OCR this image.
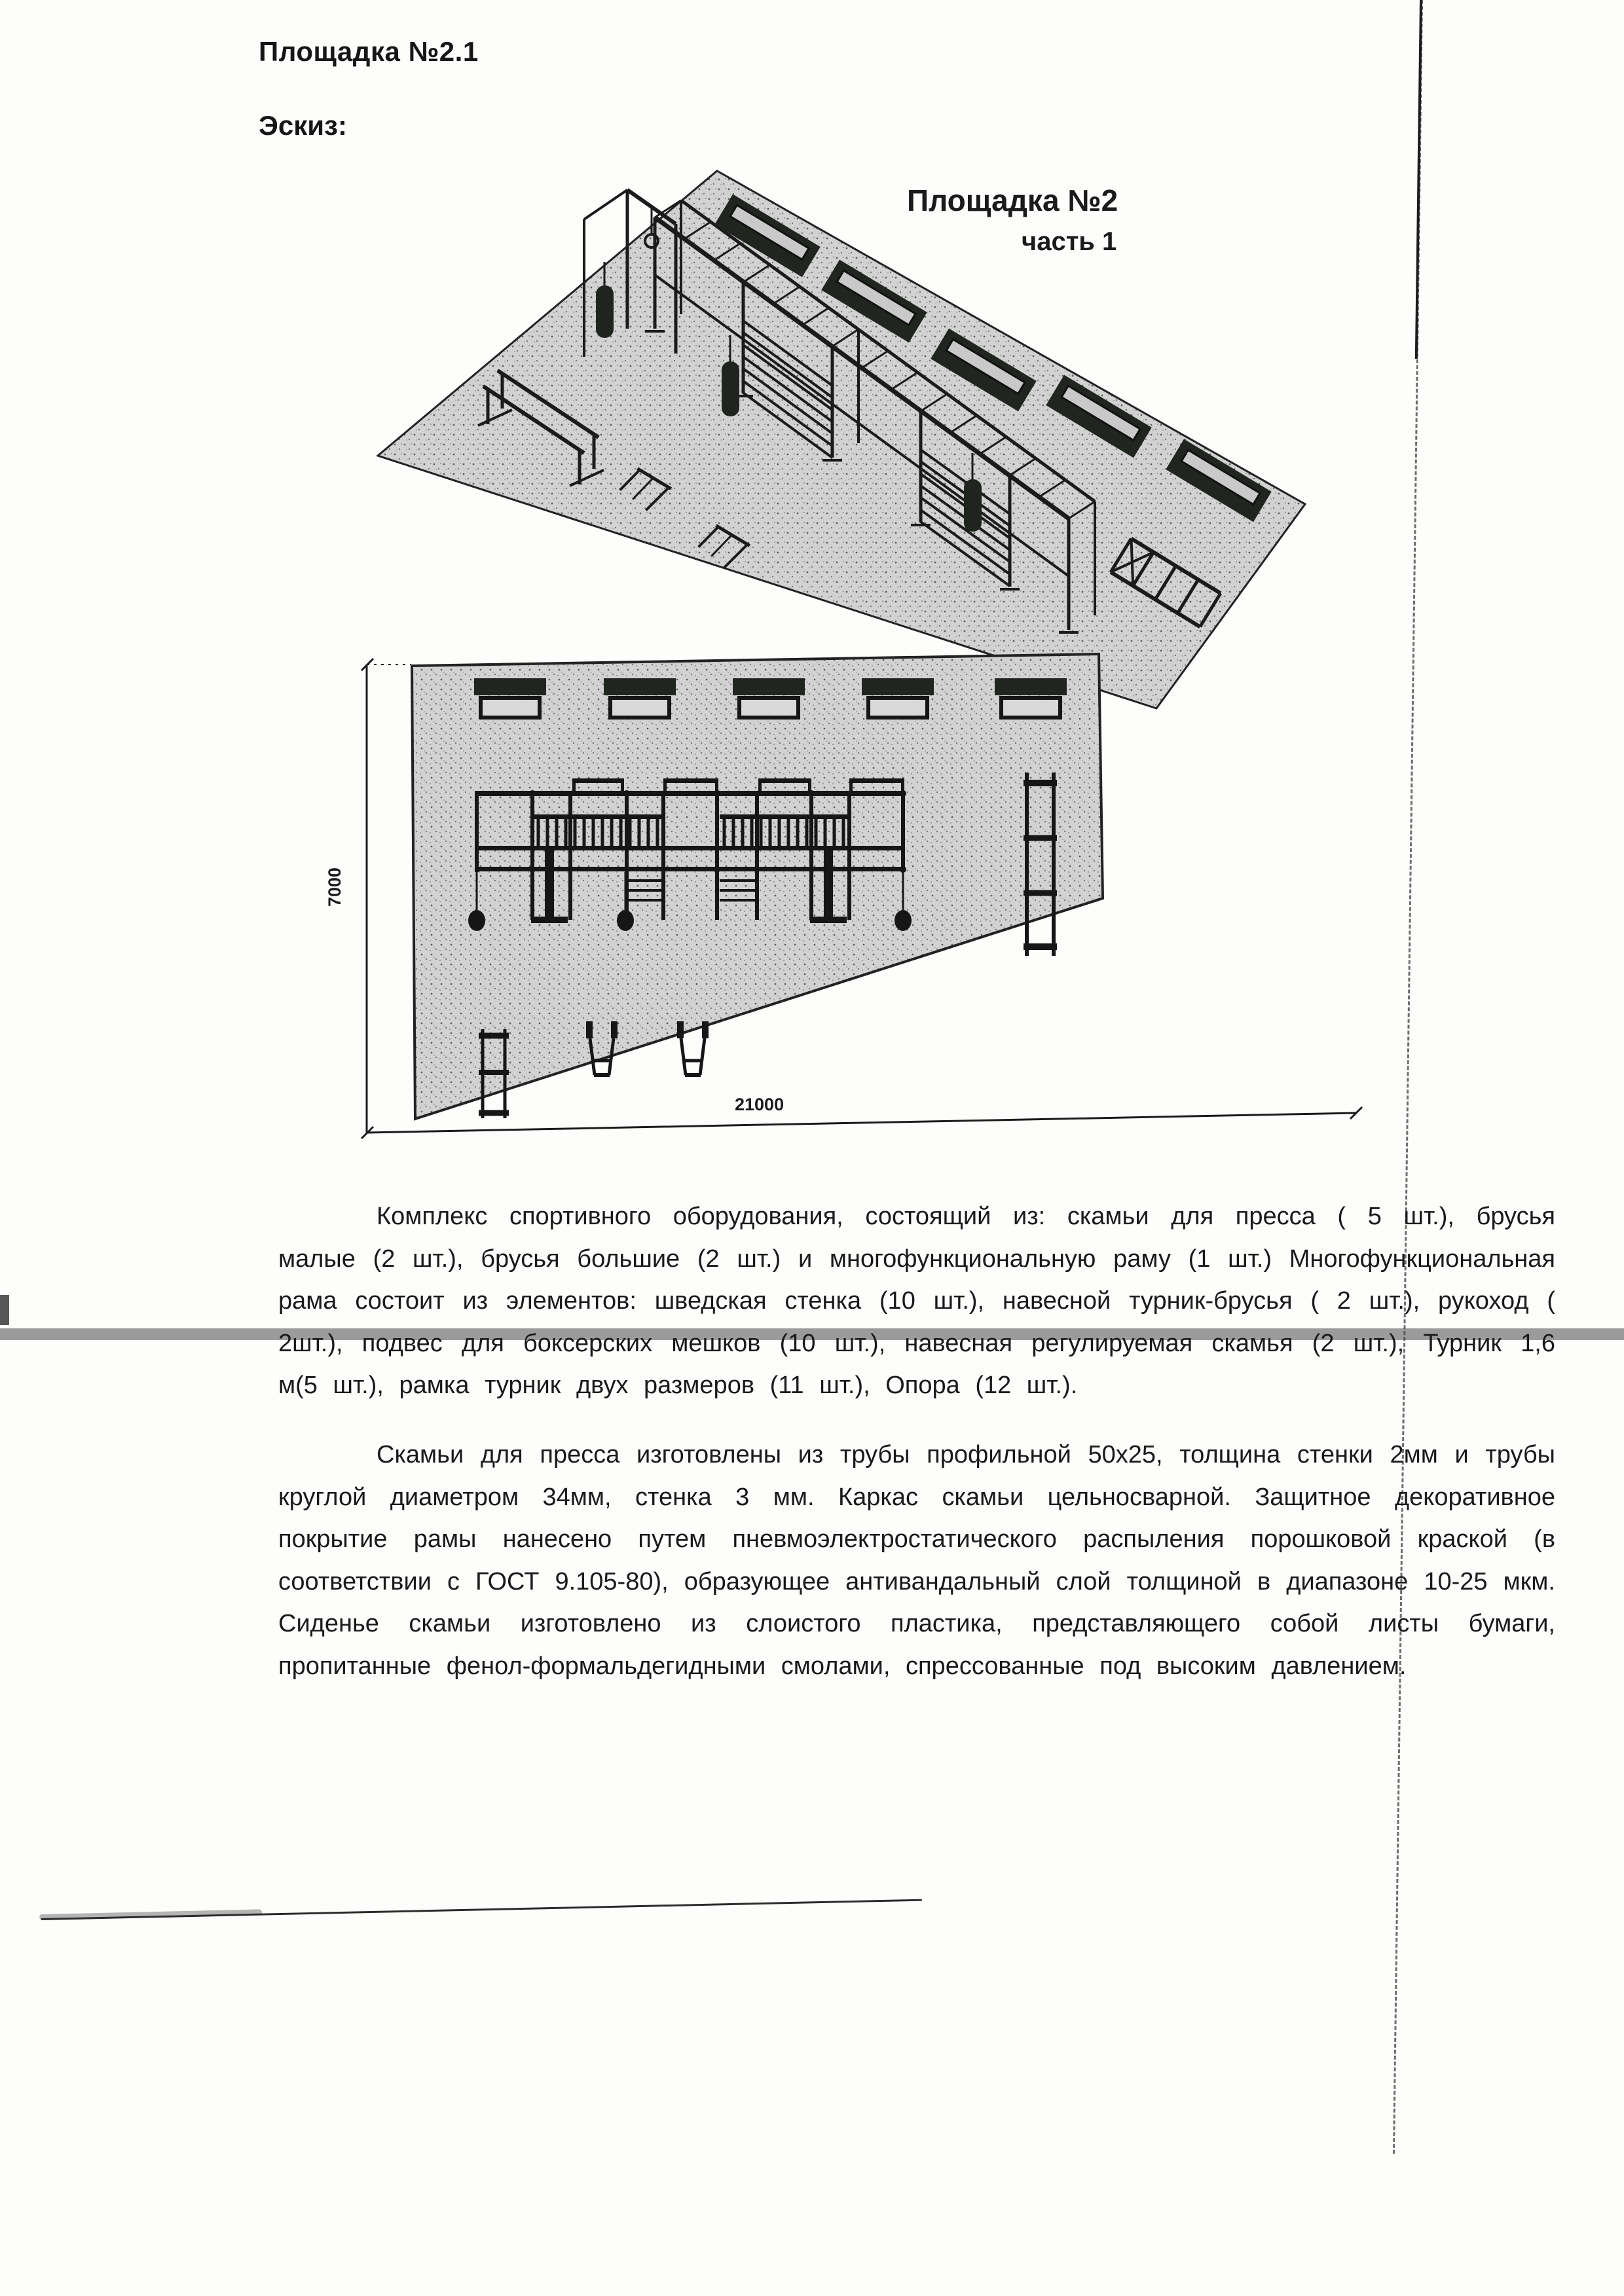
Площадка №2.1
Эскиз:
Площадка №2
часть 1
7000
21000

Комплекс спортивного оборудования, состоящий из: скамьи для пресса ( 5 шт.), брусья малые (2 шт.), брусья большие (2 шт.) и многофункциональную раму (1 шт.) Многофункциональная рама состоит из элементов: шведская стенка (10 шт.), навесной турник-брусья ( 2 шт.), рукоход ( 2шт.), подвес для боксерских мешков (10 шт.), навесная регулируемая скамья (2 шт.), Турник 1,6 м(5 шт.), рамка турник двух размеров (11 шт.), Опора (12 шт.).

Скамьи для пресса изготовлены из трубы профильной 50х25, толщина стенки 2мм и трубы круглой диаметром 34мм, стенка 3 мм. Каркас скамьи цельносварной. Защитное декоративное покрытие рамы нанесено путем пневмоэлектростатического распыления порошковой краской (в соответствии с ГОСТ 9.105-80), образующее антивандальный слой толщиной в диапазоне 10-25 мкм. Сиденье скамьи изготовлено из слоистого пластика, представляющего собой листы бумаги, пропитанные фенол-формальдегидными смолами, спрессованные под высоким давлением.
